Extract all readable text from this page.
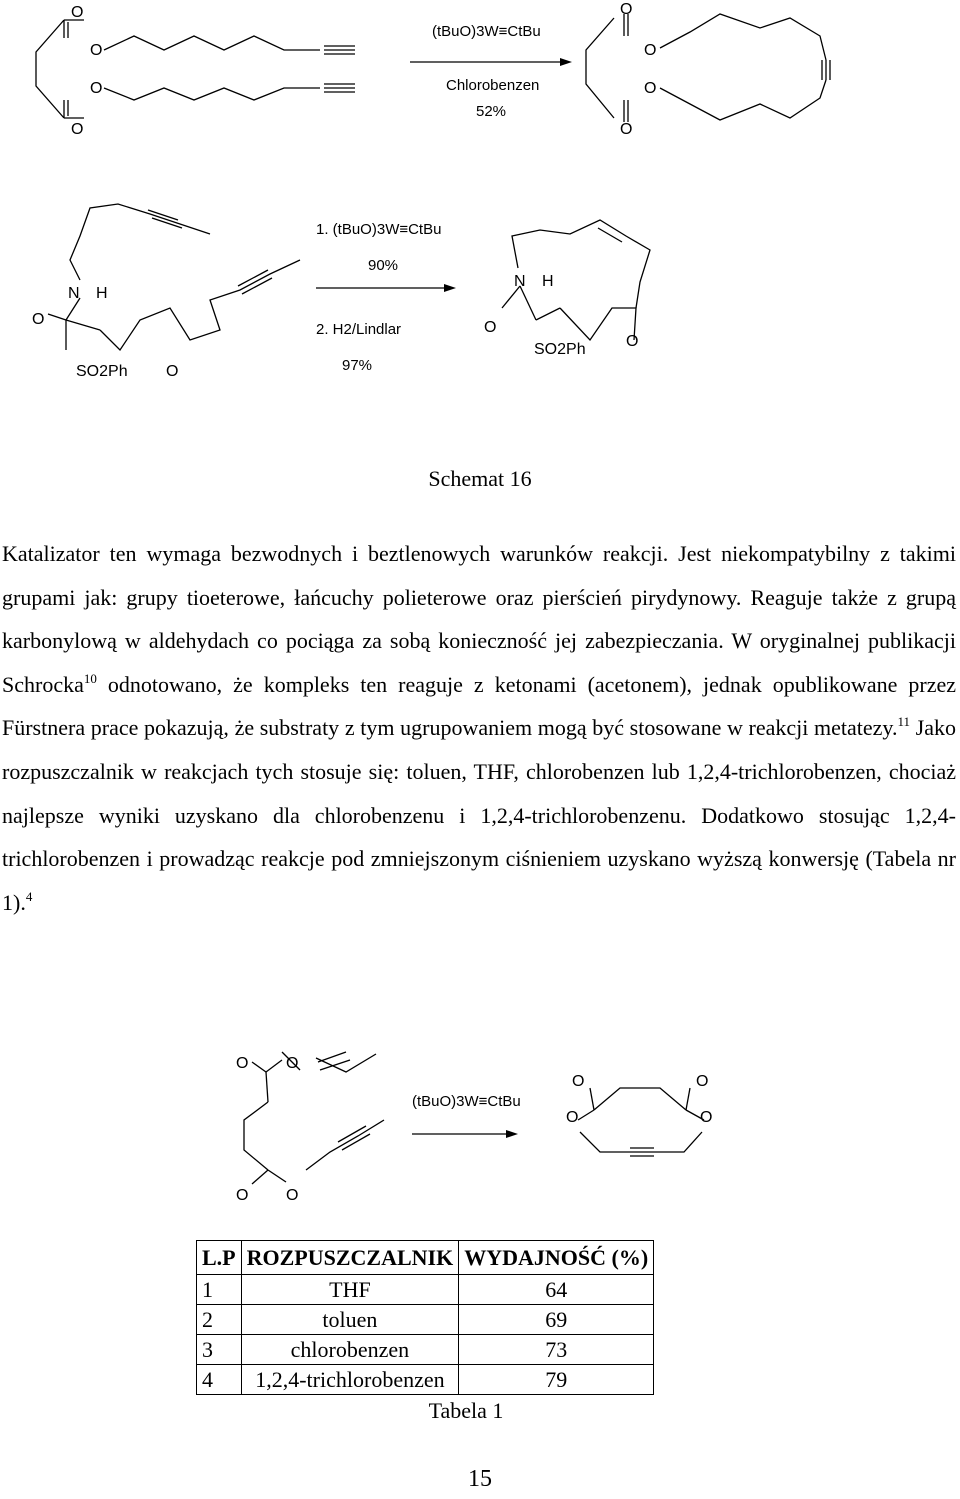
O
O
O
O
(tBuO)3W≡CtBu
Chlorobenzen
52%
O
O
O
O
N H
O
SO2Ph O
1. (tBuO)3W≡CtBu
90%
2. H2/Lindlar
97%
N H
O
SO2Ph	O
Schemat 16

Katalizator ten wymaga bezwodnych i beztlenowych warunków reakcji. Jest niekompatybilny z takimi grupami jak: grupy tioeterowe, łańcuchy polieterowe oraz pierścień pirydynowy. Reaguje także z grupą karbonylową w aldehydach co pociąga za sobą konieczność jej zabezpieczania. W oryginalnej publikacji Schrocka$^{10}$ odnotowano, że kompleks ten reaguje z ketonami (acetonem), jednak opublikowane przez Fürstnera prace pokazują, że substraty z tym ugrupowaniem mogą być stosowane w reakcji metatezy.$^{11}$ Jako rozpuszczalnik w reakcjach tych stosuje się: toluen, THF, chlorobenzen lub 1,2,4-trichlorobenzen, chociaż najlepsze wyniki uzyskano dla chlorobenzenu i 1,2,4-trichlorobenzenu. Dodatkowo stosując 1,2,4-trichlorobenzen i prowadząc reakcje pod zmniejszonym ciśnieniem uzyskano wyższą konwersję (Tabela nr 1).$^4$

O O
O O
(tBuO)3W≡CtBu
O	O
O	O
L.P	ROZPUSZCZALNIK	WYDAJNOŚĆ (%)
1	THF	64
2	toluen	69
3	chlorobenzen	73
4	1,2,4-trichlorobenzen	79
Tabela 1
15
